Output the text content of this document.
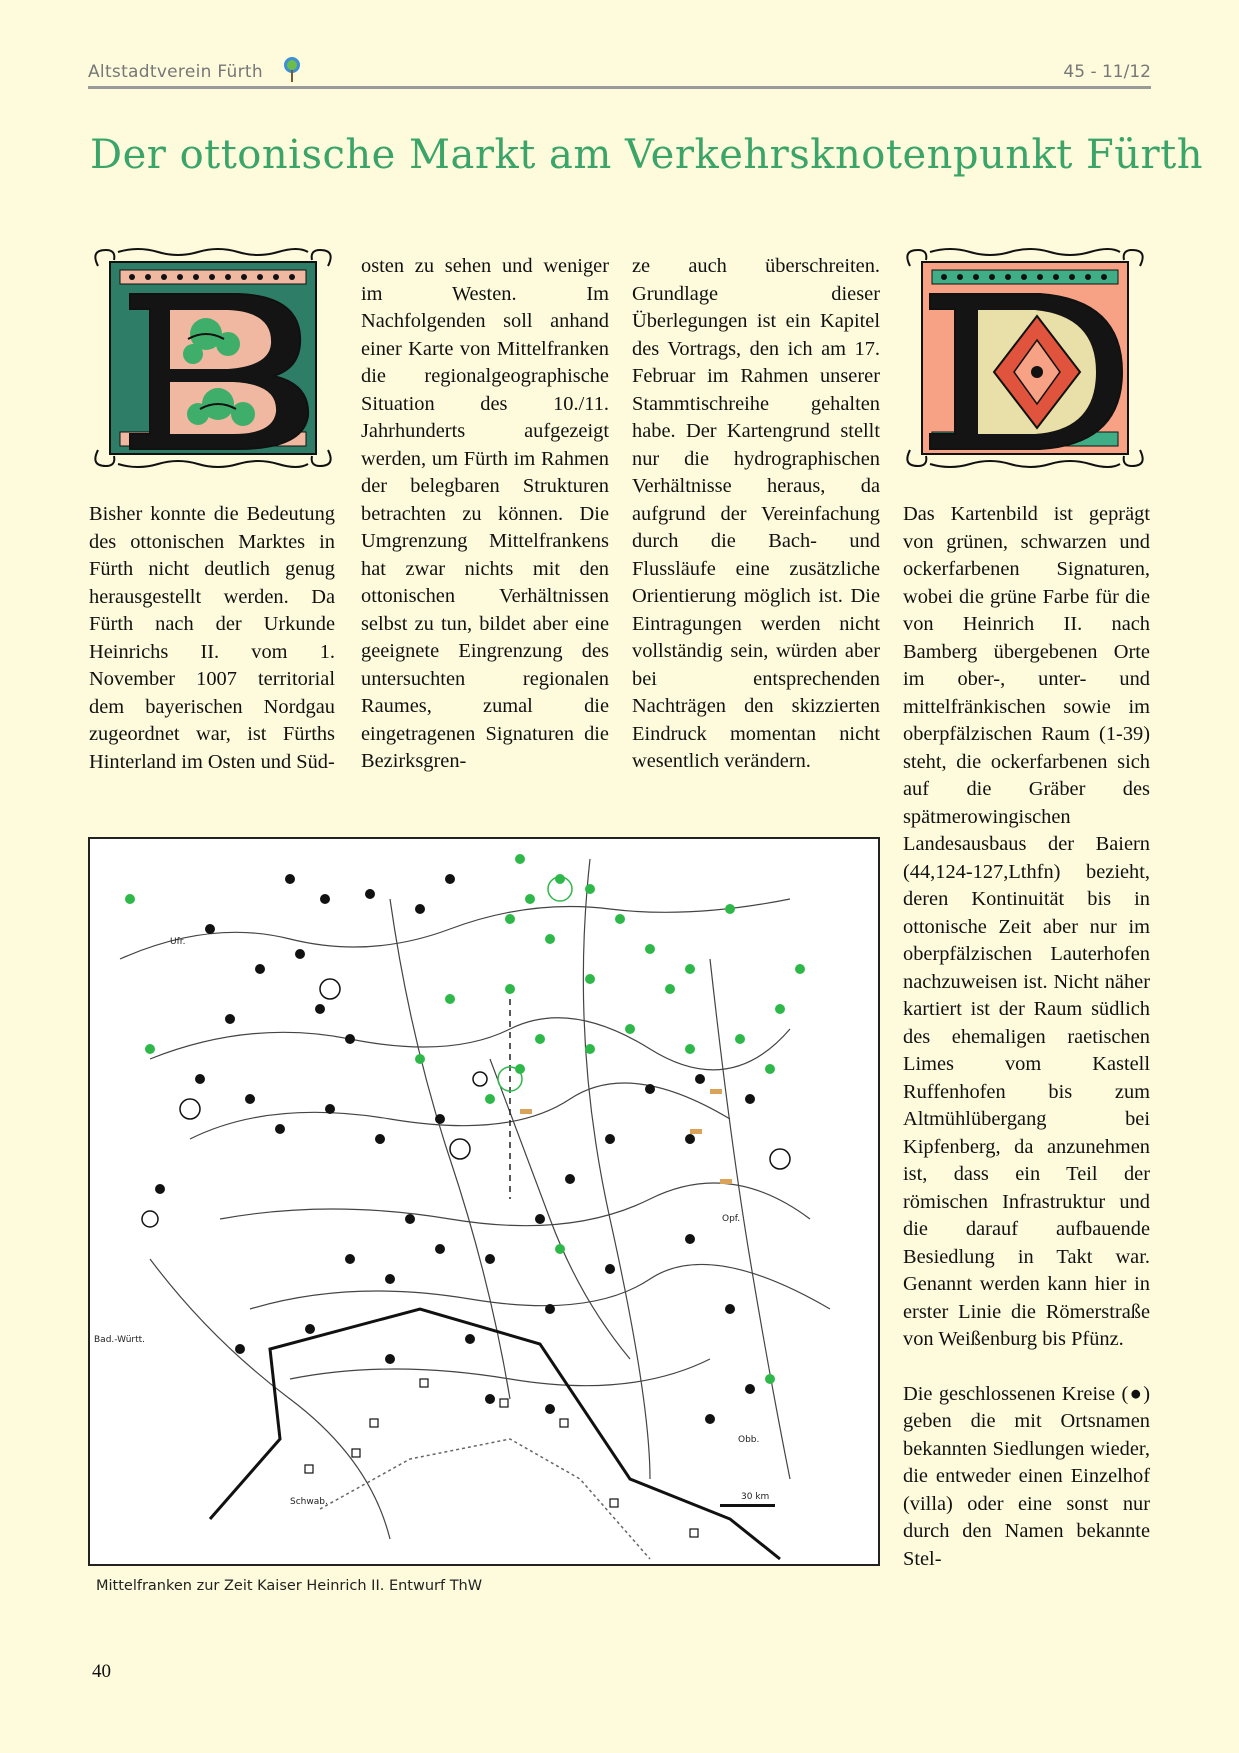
Altstadtverein Fürth	45 - 11/12
Der ottonische Markt am Verkehrsknotenpunkt Fürth

Bisher konnte die Bedeutung des ottonischen Marktes in Fürth nicht deutlich genug herausgestellt werden. Da Fürth nach der Urkunde Heinrichs II. vom 1. November 1007 territorial dem bayerischen Nordgau zugeordnet war, ist Fürths Hinterland im Osten und Süd-

osten zu sehen und weniger im Westen. Im Nachfolgenden soll anhand einer Karte von Mittelfranken die regionalgeographische Situation des 10./11. Jahrhunderts aufgezeigt werden, um Fürth im Rahmen der belegbaren Strukturen betrachten zu können. Die Umgrenzung Mittelfrankens hat zwar nichts mit den ottonischen Verhältnissen selbst zu tun, bildet aber eine geeignete Eingrenzung des untersuchten regionalen Raumes, zumal die eingetragenen Signaturen die Bezirksgren-

ze auch überschreiten. Grundlage dieser Überlegungen ist ein Kapitel des Vortrags, den ich am 17. Februar im Rahmen unserer Stammtischreihe gehalten habe. Der Kartengrund stellt nur die hydrographischen Verhältnisse heraus, da aufgrund der Vereinfachung durch die Bach- und Flussläufe eine zusätzliche Orientierung möglich ist. Die Eintragungen werden nicht vollständig sein, würden aber bei entsprechenden Nachträgen den skizzierten Eindruck momentan nicht wesentlich verändern.

Das Kartenbild ist geprägt von grünen, schwarzen und ockerfarbenen Signaturen, wobei die grüne Farbe für die von Heinrich II. nach Bamberg übergebenen Orte im ober-, unter- und mittelfränkischen sowie im oberpfälzischen Raum (1-39) steht, die ockerfarbenen sich auf die Gräber des spätmerowingischen Landesausbaus der Baiern (44,124-127,Lthfn) bezieht, deren Kontinuität bis in ottonische Zeit aber nur im oberpfälzischen Lauterhofen nachzuweisen ist. Nicht näher kartiert ist der Raum südlich des ehemaligen raetischen Limes vom Kastell Ruffenhofen bis zum Altmühlübergang bei Kipfenberg, da anzunehmen ist, dass ein Teil der römischen Infrastruktur und die darauf aufbauende Besiedlung in Takt war. Genannt werden kann hier in erster Linie die Römerstraße von Weißenburg bis Pfünz.

Die geschlossenen Kreise (●) geben die mit Ortsnamen bekannten Siedlungen wieder, die entweder einen Einzelhof (villa) oder eine sonst nur durch den Namen bekannte Stel-

Ufr.
Opf.
Bad.-Württ.
Schwab.
Obb.
30 km
Mittelfranken zur Zeit Kaiser Heinrich II. Entwurf ThW
40
